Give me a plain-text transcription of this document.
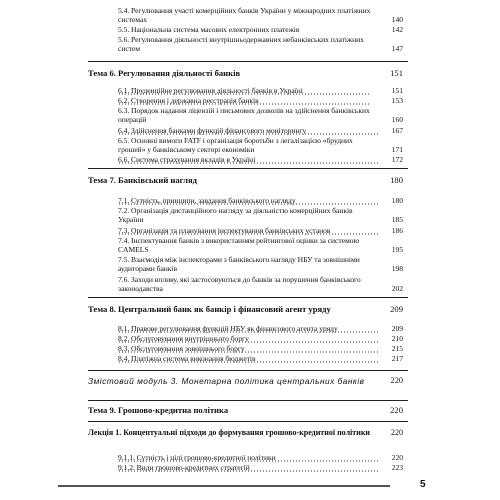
5.4. Регулювання участі комерційних банків України у міжнародних платіжних системах	140
5.5. Національна система масових електронних платежів	142
5.6. Регулювання діяльності внутрішньодержавних небанківських платіжних систем	147
Тема 6. Регулювання діяльності банків	151
6.1. Пруденційне регулювання діяльності банків в Україні	151
6.2. Створення і державна реєстрація банків	153
6.3. Порядок надання ліцензій і письмових дозволів на здійснення банківських операцій	160
6.4. Здійснення банками функцій фінансового моніторингу	167
6.5. Основні вимоги FATF і організація боротьби з легалізацією «брудних грошей» у банківському секторі економіки	171
6.6. Система страхування вкладів в Україні	172
Тема 7. Банківський нагляд	180
7.1. Сутність, принципи, завдання банківського нагляду	180
7.2. Організація дистанційного нагляду за діяльністю комерційних банків України	185
7.3. Організація та планування інспектування банківських установ	186
7.4. Інспектування банків з використанням рейтингової оцінки за системою CAMELS	195
7.5. Взаємодія між інспекторами з банківського нагляду НБУ та зовнішніми аудиторами банків	198
7.6. Заходи впливу, які застосовуються до банків за порушення банківського законодавства	202
Тема 8. Центральний банк як банкір і фінансовий агент уряду	209
8.1. Правове регулювання функцій НБУ як фінансового агента уряду	209
8.2. Обслуговування внутрішнього боргу	210
8.3. Обслуговування зовнішнього боргу	215
8.4. Платіжна система виконання бюджетів	217
Змістовий модуль 3. Монетарна політика центральних банків	220
Тема 9. Грошово-кредитна політика	220
Лекція 1. Концептуальні підходи до формування грошово-кредитної політики	220
9.1.1. Сутність і цілі грошово-кредитної політики	220
9.1.2. Види грошово-кредитних стратегій	223
5
